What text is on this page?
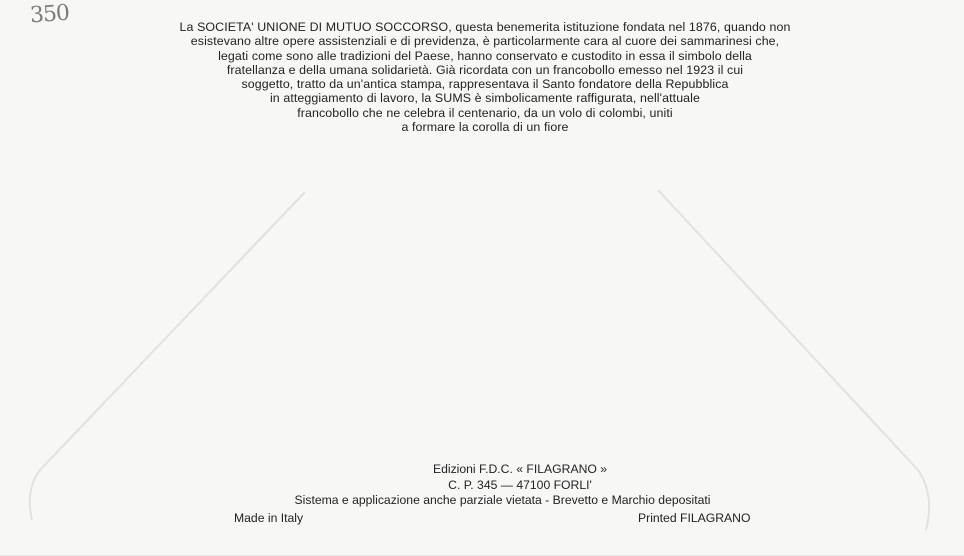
350	La SOCIETA' UNIONE DI MUTUO SOCCORSO, questa benemerita istituzione fondata nel 1876, quando non
esistevano altre opere assistenziali e di previdenza, è particolarmente cara al cuore dei sammarinesi che,
legati come sono alle tradizioni del Paese, hanno conservato e custodito in essa il simbolo della
fratellanza e della umana solidarietà. Già ricordata con un francobollo emesso nel 1923 il cui
soggetto, tratto da un'antica stampa, rappresentava il Santo fondatore della Repubblica
in atteggiamento di lavoro, la SUMS è simbolicamente raffigurata, nell'attuale
francobollo che ne celebra il centenario, da un volo di colombi, uniti
a formare la corolla di un fiore
Edizioni F.D.C. « FILAGRANO »
C. P. 345 — 47100 FORLI'
Sistema e applicazione anche parziale vietata - Brevetto e Marchio depositati
Made in Italy	Printed FILAGRANO
